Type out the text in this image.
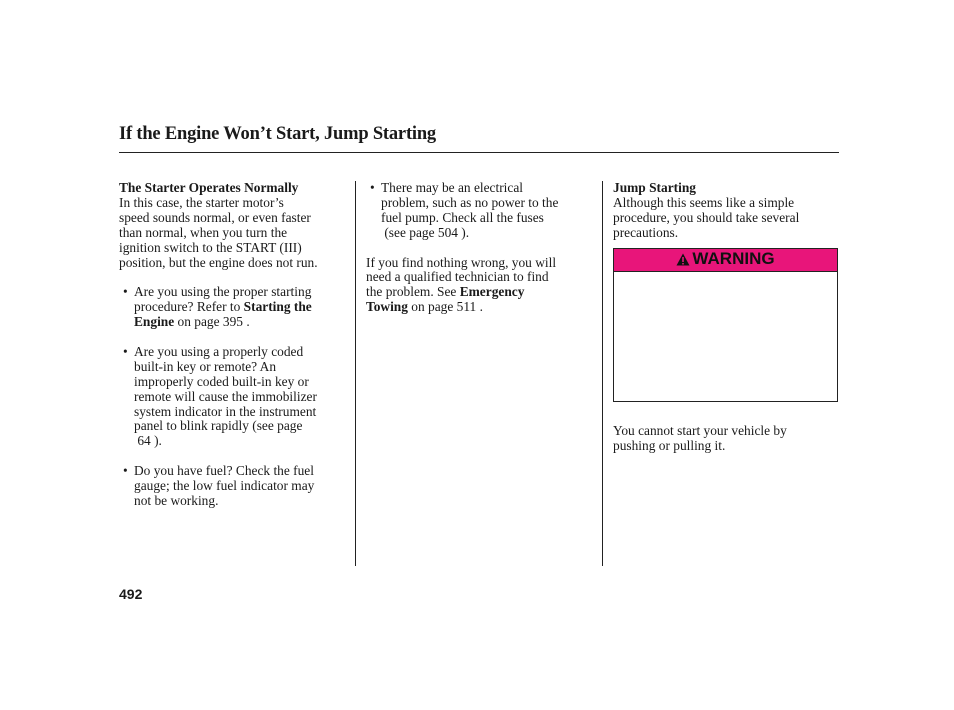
If the Engine Won’t Start, Jump Starting

The Starter Operates Normally

In this case, the starter motor’s

speed sounds normal, or even faster

than normal, when you turn the

ignition switch to the START (III)

position, but the engine does not run.

• Are you using the proper starting

procedure? Refer to Starting the

Engine on page 395 .

• Are you using a properly coded

built-in key or remote? An

improperly coded built-in key or

remote will cause the immobilizer

system indicator in the instrument

panel to blink rapidly (see page

64 ).

• Do you have fuel? Check the fuel

gauge; the low fuel indicator may

not be working.

• There may be an electrical

problem, such as no power to the

fuel pump. Check all the fuses

(see page 504 ).

If you find nothing wrong, you will

need a qualified technician to find

the problem. See Emergency

Towing on page 511 .

Jump Starting

Although this seems like a simple

procedure, you should take several

precautions.

WARNING

You cannot start your vehicle by

pushing or pulling it.

492
